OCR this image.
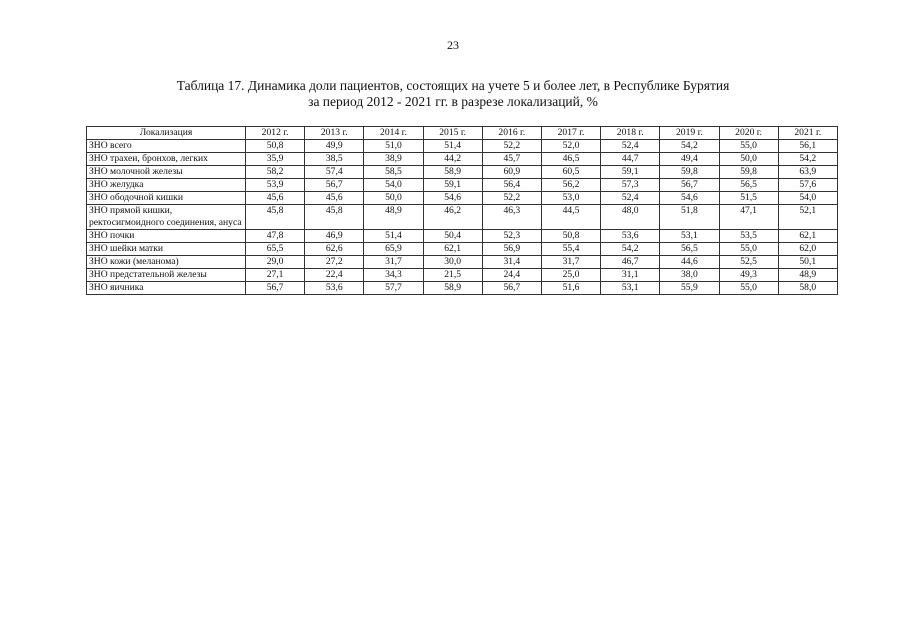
23
Таблица 17. Динамика доли пациентов, состоящих на учете 5 и более лет, в Республике Бурятия
за период 2012 - 2021 гг. в разрезе локализаций, %
Локализация	2012 г.	2013 г.	2014 г.	2015 г.	2016 г.	2017 г.	2018 г.	2019 г.	2020 г.	2021 г.
ЗНО всего	50,8	49,9	51,0	51,4	52,2	52,0	52,4	54,2	55,0	56,1
ЗНО трахеи, бронхов, легких	35,9	38,5	38,9	44,2	45,7	46,5	44,7	49,4	50,0	54,2
ЗНО молочной железы	58,2	57,4	58,5	58,9	60,9	60,5	59,1	59,8	59,8	63,9
ЗНО желудка	53,9	56,7	54,0	59,1	56,4	56,2	57,3	56,7	56,5	57,6
ЗНО ободочной кишки	45,6	45,6	50,0	54,6	52,2	53,0	52,4	54,6	51,5	54,0
ЗНО прямой кишки, ректосигмоидного соединения, ануса	45,8	45,8	48,9	46,2	46,3	44,5	48,0	51,8	47,1	52,1
ЗНО почки	47,8	46,9	51,4	50,4	52,3	50,8	53,6	53,1	53,5	62,1
ЗНО шейки матки	65,5	62,6	65,9	62,1	56,9	55,4	54,2	56,5	55,0	62,0
ЗНО кожи (меланома)	29,0	27,2	31,7	30,0	31,4	31,7	46,7	44,6	52,5	50,1
ЗНО предстательной железы	27,1	22,4	34,3	21,5	24,4	25,0	31,1	38,0	49,3	48,9
ЗНО яичника	56,7	53,6	57,7	58,9	56,7	51,6	53,1	55,9	55,0	58,0
